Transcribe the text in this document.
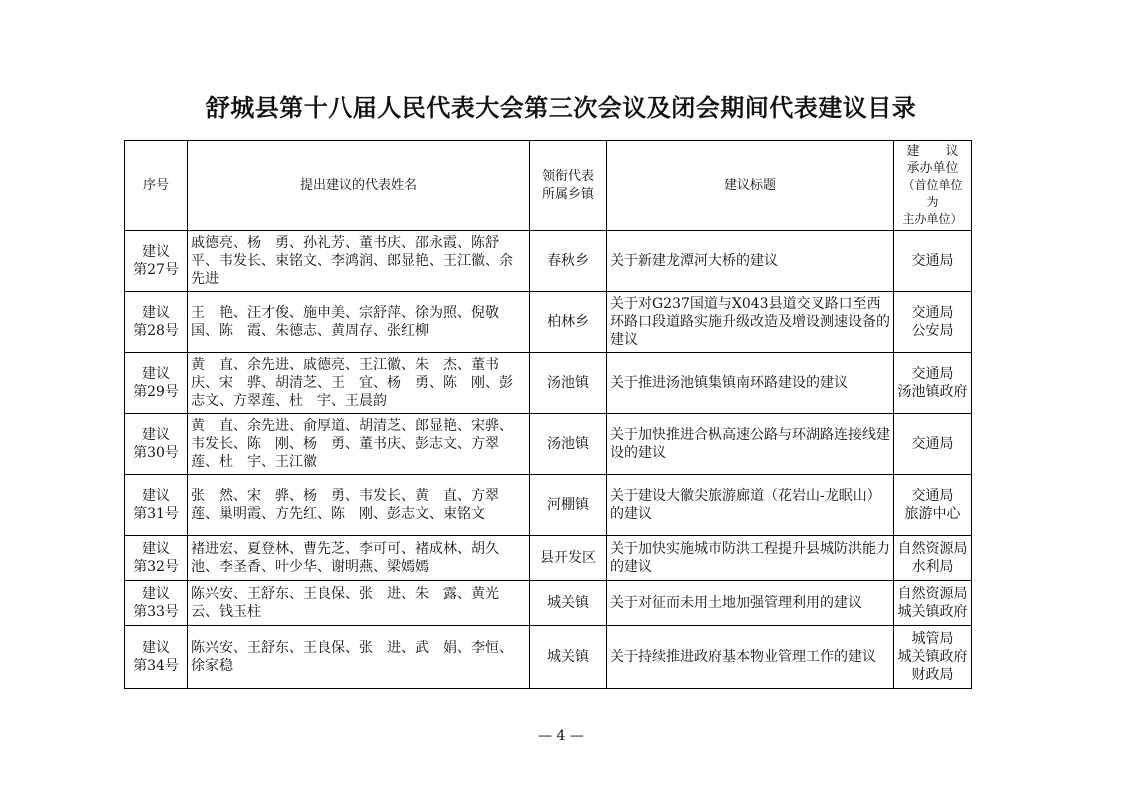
舒城县第十八届人民代表大会第三次会议及闭会期间代表建议目录
序号	提出建议的代表姓名	领衔代表
所属乡镇	建议标题	建　　议
承办单位
（首位单位为
主办单位）

建议
第27号	戚德亮、杨　勇、孙礼芳、董书庆、邵永霞、陈舒平、韦发长、束铭文、李鸿润、郎显艳、王江徽、余先进	春秋乡	关于新建龙潭河大桥的建议	交通局

建议
第28号	王　艳、汪才俊、施申美、宗舒萍、徐为照、倪敬国、陈　霞、朱德志、黄周存、张红柳	柏林乡	关于对G237国道与X043县道交叉路口至西环路口段道路实施升级改造及增设测速设备的建议	交通局
公安局

建议
第29号	黄　直、余先进、戚德亮、王江徽、朱　杰、董书庆、宋　骅、胡清芝、王　宜、杨　勇、陈　刚、彭志文、方翠莲、杜　宇、王晨韵	汤池镇	关于推进汤池镇集镇南环路建设的建议	交通局
汤池镇政府

建议
第30号	黄　直、余先进、俞厚道、胡清芝、郎显艳、宋骅、韦发长、陈　刚、杨　勇、董书庆、彭志文、方翠莲、杜　宇、王江徽	汤池镇	关于加快推进合枞高速公路与环湖路连接线建设的建议	交通局

建议
第31号	张　然、宋　骅、杨　勇、韦发长、黄　直、方翠莲、巢明霞、方先红、陈　刚、彭志文、束铭文	河棚镇	关于建设大徽尖旅游廊道（花岩山-龙眠山）的建议	交通局
旅游中心

建议
第32号	褚进宏、夏登林、曹先芝、李可可、褚成林、胡久池、李圣香、叶少华、谢明燕、梁嫣嫣	县开发区	关于加快实施城市防洪工程提升县城防洪能力的建议	自然资源局
水利局

建议
第33号	陈兴安、王舒东、王良保、张　进、朱　露、黄光云、钱玉柱	城关镇	关于对征而未用土地加强管理利用的建议	自然资源局
城关镇政府

建议
第34号	陈兴安、王舒东、王良保、张　进、武　娟、李恒、徐家稳	城关镇	关于持续推进政府基本物业管理工作的建议	城管局
城关镇政府
财政局
— 4 —
